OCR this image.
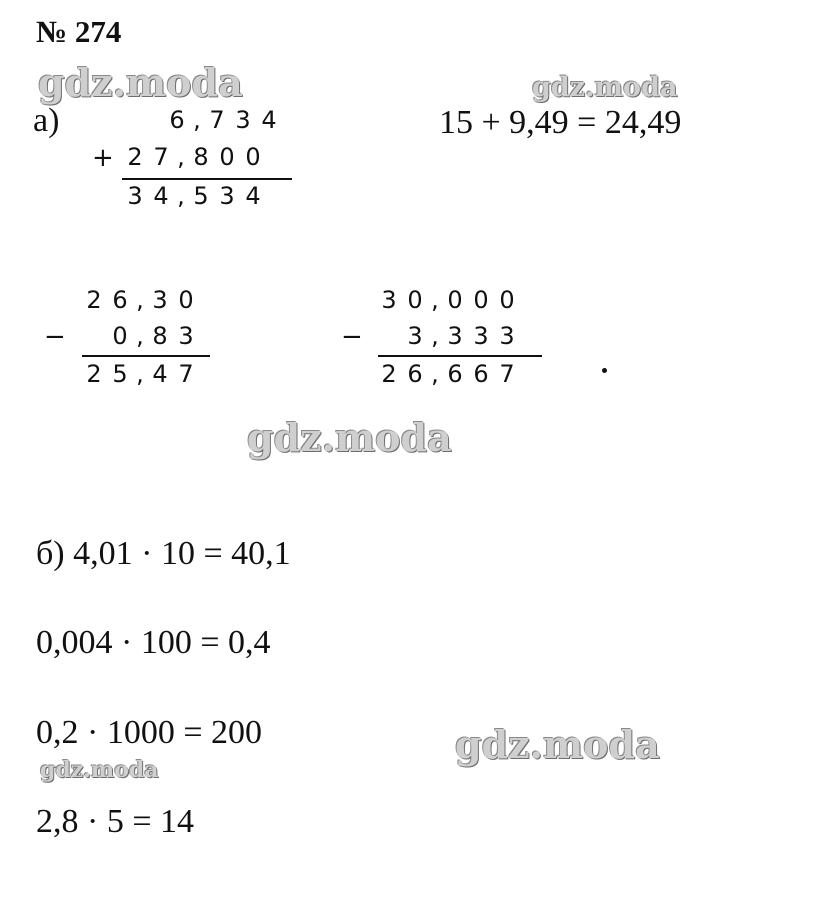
№ 274
gdz.moda	gdz.moda
gdz.moda
gdz.moda
gdz.moda
а)	6 , 7 3 4
+ 2 7 , 8 0 0
3 4 , 5 3 4
15 + 9,49 = 24,49
2 6 , 3 0
− 0 , 8 3
2 5 , 4 7
3 0 , 0 0 0
− 3 , 3 3 3
2 6 , 6 6 7
б) 4,01 · 10 = 40,1
0,004 · 100 = 0,4
0,2 · 1000 = 200
2,8 · 5 = 14
